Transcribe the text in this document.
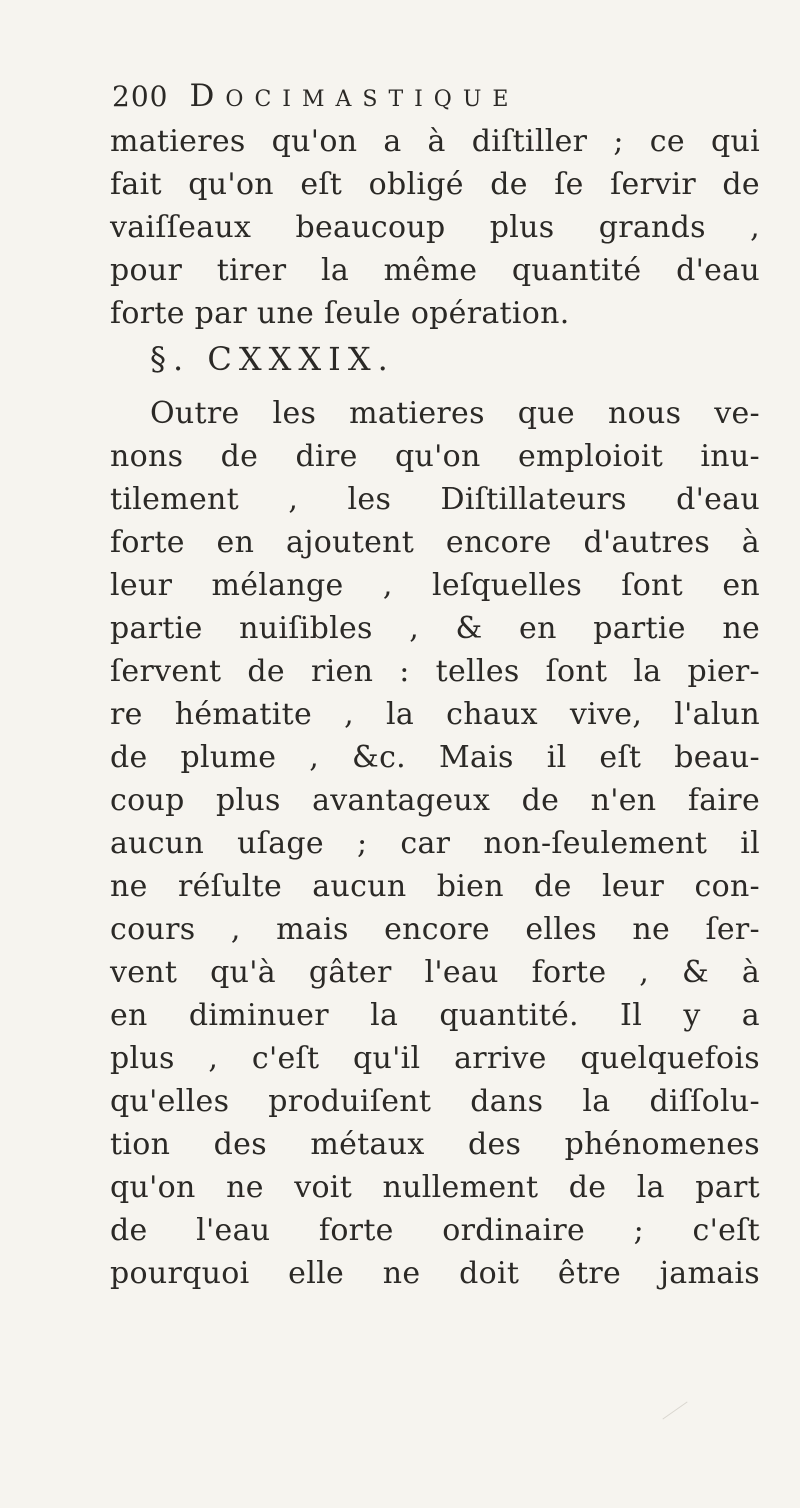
200 Docimastique
matieres qu'on a à diſtiller ; ce qui
fait qu'on eſt obligé de ſe ſervir de
vaiſſeaux beaucoup plus grands ,
pour tirer la même quantité d'eau
forte par une ſeule opération.
§. CXXXIX.
Outre les matieres que nous ve-
nons de dire qu'on emploioit inu-
tilement , les Diſtillateurs d'eau
forte en ajoutent encore d'autres à
leur mélange , leſquelles ſont en
partie nuiſibles , & en partie ne
ſervent de rien : telles ſont la pier-
re hématite , la chaux vive, l'alun
de plume , &c. Mais il eſt beau-
coup plus avantageux de n'en faire
aucun uſage ; car non-ſeulement il
ne réſulte aucun bien de leur con-
cours , mais encore elles ne ſer-
vent qu'à gâter l'eau forte , & à
en diminuer la quantité. Il y a
plus , c'eſt qu'il arrive quelquefois
qu'elles produiſent dans la diſſolu-
tion des métaux des phénomenes
qu'on ne voit nullement de la part
de l'eau forte ordinaire ; c'eſt
pourquoi elle ne doit être jamais
